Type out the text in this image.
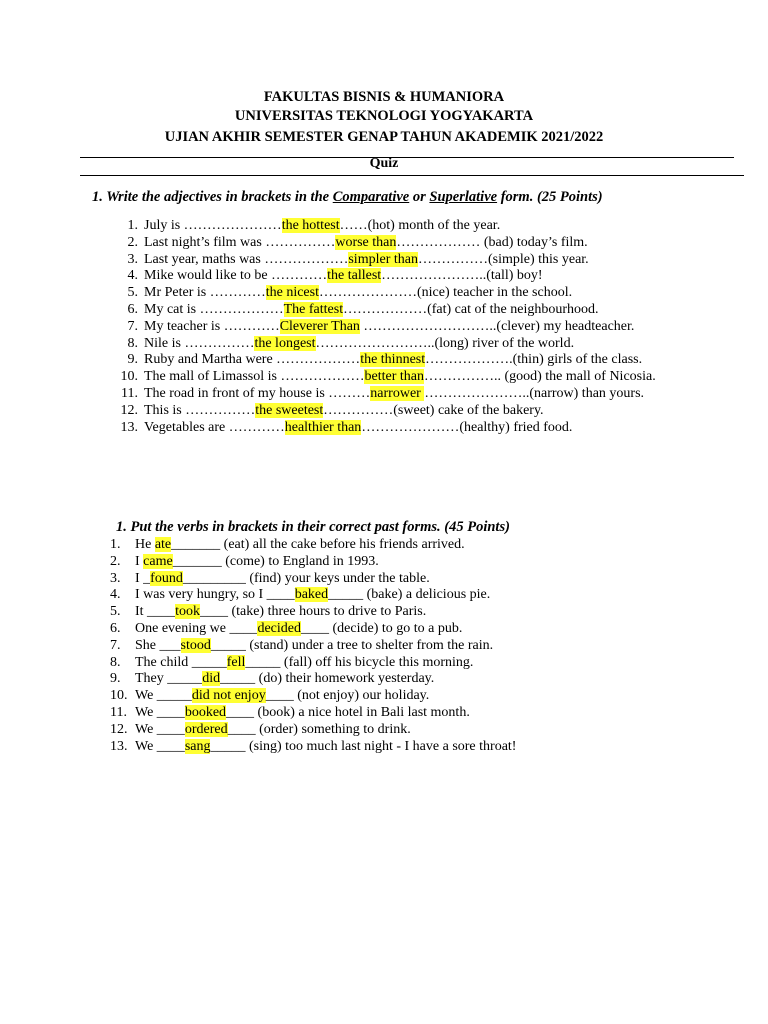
FAKULTAS BISNIS & HUMANIORA
UNIVERSITAS TEKNOLOGI YOGYAKARTA
UJIAN AKHIR SEMESTER GENAP TAHUN AKADEMIK 2021/2022
Quiz
1. Write the adjectives in brackets in the Comparative or Superlative form. (25 Points)
1. July is …………………the hottest……(hot) month of the year.
2. Last night’s film was ……………worse than……………… (bad) today’s film.
3. Last year, maths was ………………simpler than……………(simple) this year.
4. Mike would like to be …………the tallest…………………..(tall) boy!
5. Mr Peter is …………the nicest…………………(nice) teacher in the school.
6. My cat is ………………The fattest………………(fat) cat of the neighbourhood.
7. My teacher is …………Cleverer Than ………………………..(clever) my headteacher.
8. Nile is ……………the longest……………………..(long) river of the world.
9. Ruby and Martha were ………………the thinnest……………….(thin) girls of the class.
10. The mall of Limassol is ………………better than…………….. (good) the mall of Nicosia.
11. The road in front of my house is ………narrower …………………..(narrow) than yours.
12. This is ……………the sweetest……………(sweet) cake of the bakery.
13. Vegetables are …………healthier than…………………(healthy) fried food.
1. Put the verbs in brackets in their correct past forms. (45 Points)
1. He ate_______ (eat) all the cake before his friends arrived.
2. I came_______ (come) to England in 1993.
3. I _found_________ (find) your keys under the table.
4. I was very hungry, so I ____baked_____ (bake) a delicious pie.
5. It ____took____ (take) three hours to drive to Paris.
6. One evening we ____decided____ (decide) to go to a pub.
7. She ___stood_____ (stand) under a tree to shelter from the rain.
8. The child _____fell_____ (fall) off his bicycle this morning.
9. They _____did_____ (do) their homework yesterday.
10. We _____did not enjoy____ (not enjoy) our holiday.
11. We ____booked____ (book) a nice hotel in Bali last month.
12. We ____ordered____ (order) something to drink.
13. We ____sang_____ (sing) too much last night - I have a sore throat!
